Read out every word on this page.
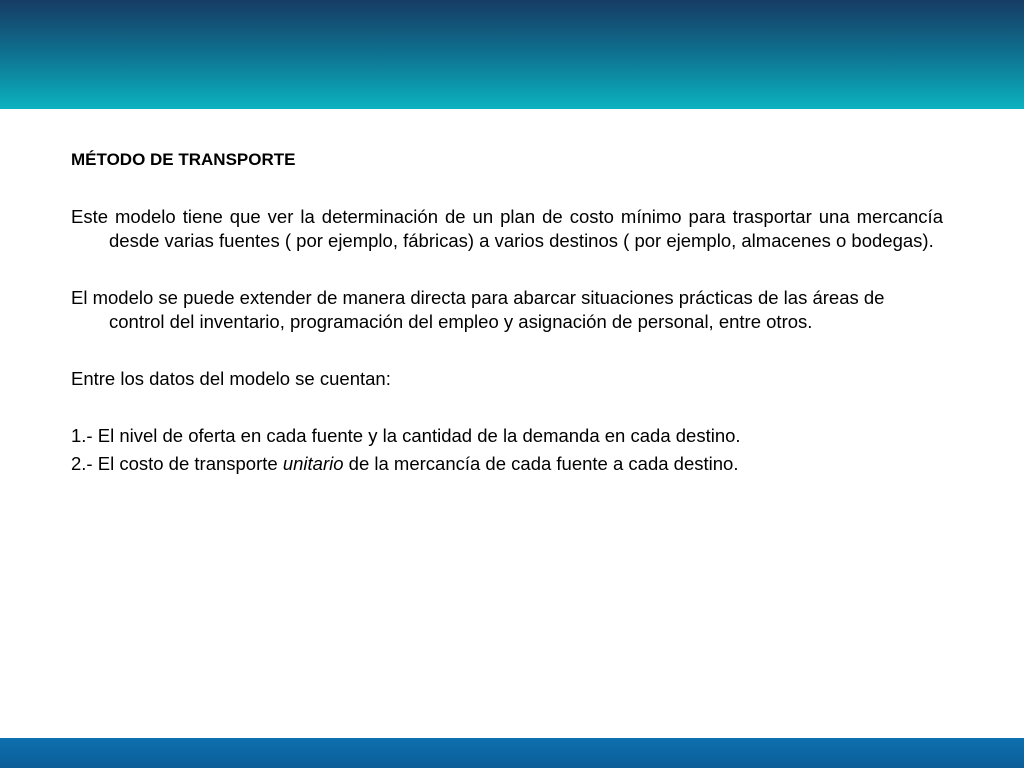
MÉTODO DE TRANSPORTE

Este modelo tiene que ver la determinación de un plan de costo mínimo para trasportar una mercancía desde varias fuentes ( por ejemplo, fábricas) a varios destinos ( por ejemplo, almacenes o bodegas).

El modelo se puede extender de manera directa para abarcar situaciones prácticas de las áreas de control del inventario, programación del empleo y asignación de personal, entre otros.

Entre los datos del modelo se cuentan:

1.- El nivel de oferta en cada fuente y la cantidad de la demanda en cada destino.

2.- El costo de transporte unitario de la mercancía de cada fuente a cada destino.
